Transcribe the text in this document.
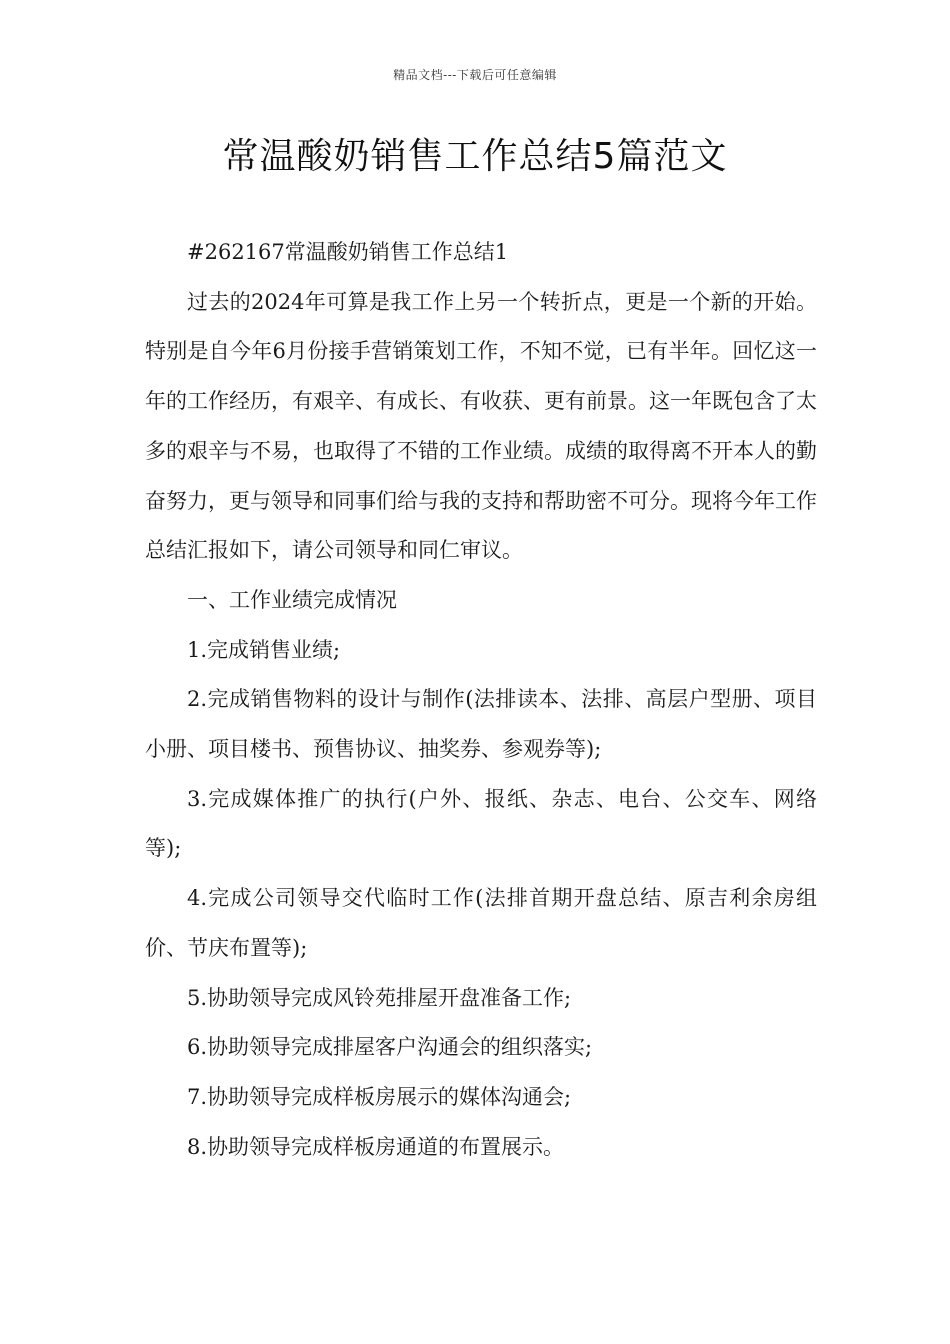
精品文档---下载后可任意编辑
常温酸奶销售工作总结5篇范文

#262167常温酸奶销售工作总结1

过去的2024年可算是我工作上另一个转折点，更是一个新的开始。特别是自今年6月份接手营销策划工作，不知不觉，已有半年。回忆这一年的工作经历，有艰辛、有成长、有收获、更有前景。这一年既包含了太多的艰辛与不易，也取得了不错的工作业绩。成绩的取得离不开本人的勤奋努力，更与领导和同事们给与我的支持和帮助密不可分。现将今年工作总结汇报如下，请公司领导和同仁审议。

一、工作业绩完成情况

1.完成销售业绩;

2.完成销售物料的设计与制作(法排读本、法排、高层户型册、项目小册、项目楼书、预售协议、抽奖券、参观券等);

3.完成媒体推广的执行(户外、报纸、杂志、电台、公交车、网络等);

4.完成公司领导交代临时工作(法排首期开盘总结、原吉利余房组价、节庆布置等);

5.协助领导完成风铃苑排屋开盘准备工作;

6.协助领导完成排屋客户沟通会的组织落实;

7.协助领导完成样板房展示的媒体沟通会;

8.协助领导完成样板房通道的布置展示。
